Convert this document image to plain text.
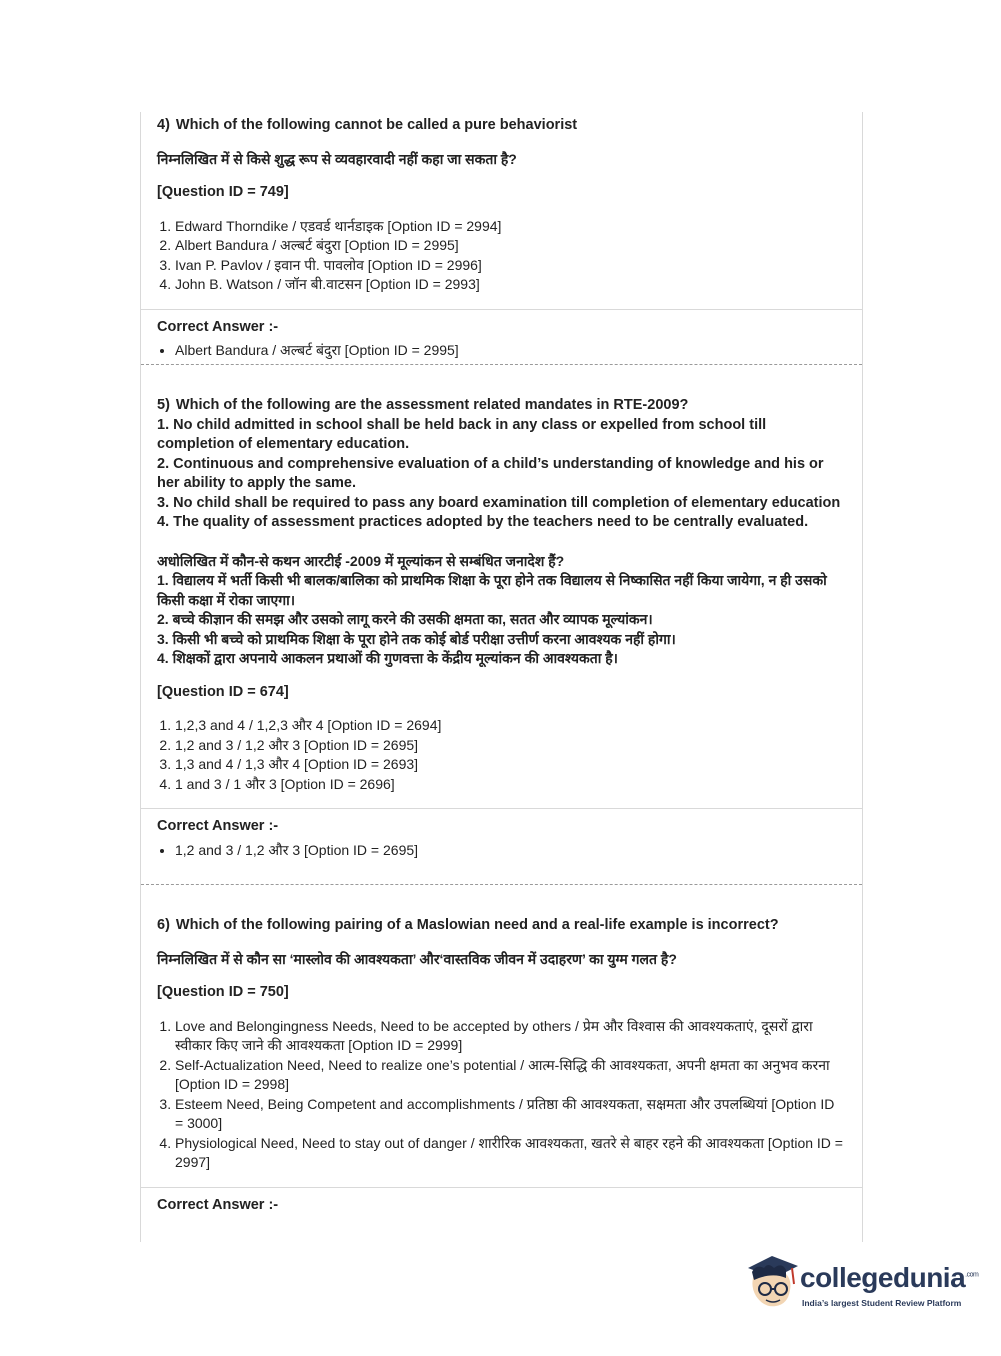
4) Which of the following cannot be called a pure behaviorist

निम्नलिखित में से किसे शुद्ध रूप से व्यवहारवादी नहीं कहा जा सकता है?

[Question ID = 749]

1. Edward Thorndike / एडवर्ड थार्नडाइक [Option ID = 2994]
2. Albert Bandura / अल्बर्ट बंदुरा [Option ID = 2995]
3. Ivan P. Pavlov / इवान पी. पावलोव [Option ID = 2996]
4. John B. Watson / जॉन बी.वाटसन [Option ID = 2993]

Correct Answer :-

• Albert Bandura / अल्बर्ट बंदुरा [Option ID = 2995]

5) Which of the following are the assessment related mandates in RTE-2009?

1. No child admitted in school shall be held back in any class or expelled from school till completion of elementary education.

2. Continuous and comprehensive evaluation of a child’s understanding of knowledge and his or her ability to apply the same.

3. No child shall be required to pass any board examination till completion of elementary education

4. The quality of assessment practices adopted by the teachers need to be centrally evaluated.

अधोलिखित में कौन-से कथन आरटीई -2009 में मूल्यांकन से सम्बंधित जनादेश हैं?

1. विद्यालय में भर्ती किसी भी बालक/बालिका को प्राथमिक शिक्षा के पूरा होने तक विद्यालय से निष्कासित नहीं किया जायेगा, न ही उसको किसी कक्षा में रोका जाएगा।

2. बच्चे कीज्ञान की समझ और उसको लागू करने की उसकी क्षमता का, सतत और व्यापक मूल्यांकन।

3. किसी भी बच्चे को प्राथमिक शिक्षा के पूरा होने तक कोई बोर्ड परीक्षा उत्तीर्ण करना आवश्यक नहीं होगा।

4. शिक्षकों द्वारा अपनाये आकलन प्रथाओं की गुणवत्ता के केंद्रीय मूल्यांकन की आवश्यकता है।

[Question ID = 674]

1. 1,2,3 and 4 / 1,2,3 और 4 [Option ID = 2694]
2. 1,2 and 3 / 1,2 और 3 [Option ID = 2695]
3. 1,3 and 4 / 1,3 और 4 [Option ID = 2693]
4. 1 and 3 / 1 और 3 [Option ID = 2696]

Correct Answer :-

• 1,2 and 3 / 1,2 और 3 [Option ID = 2695]

6) Which of the following pairing of a Maslowian need and a real-life example is incorrect?

निम्नलिखित में से कौन सा ‘मास्लोव की आवश्यकता’ और‘वास्तविक जीवन में उदाहरण’ का युग्म गलत है?

[Question ID = 750]

1. Love and Belongingness Needs, Need to be accepted by others / प्रेम और विश्वास की आवश्यकताएं, दूसरों द्वारा स्वीकार किए जाने की आवश्यकता [Option ID = 2999]
2. Self-Actualization Need, Need to realize one’s potential / आत्म-सिद्धि की आवश्यकता, अपनी क्षमता का अनुभव करना [Option ID = 2998]
3. Esteem Need, Being Competent and accomplishments / प्रतिष्ठा की आवश्यकता, सक्षमता और उपलब्धियां [Option ID = 3000]
4. Physiological Need, Need to stay out of danger / शारीरिक आवश्यकता, खतरे से बाहर रहने की आवश्यकता [Option ID = 2997]

Correct Answer :-

collegedunia$^{.com}$
India’s largest Student Review Platform
